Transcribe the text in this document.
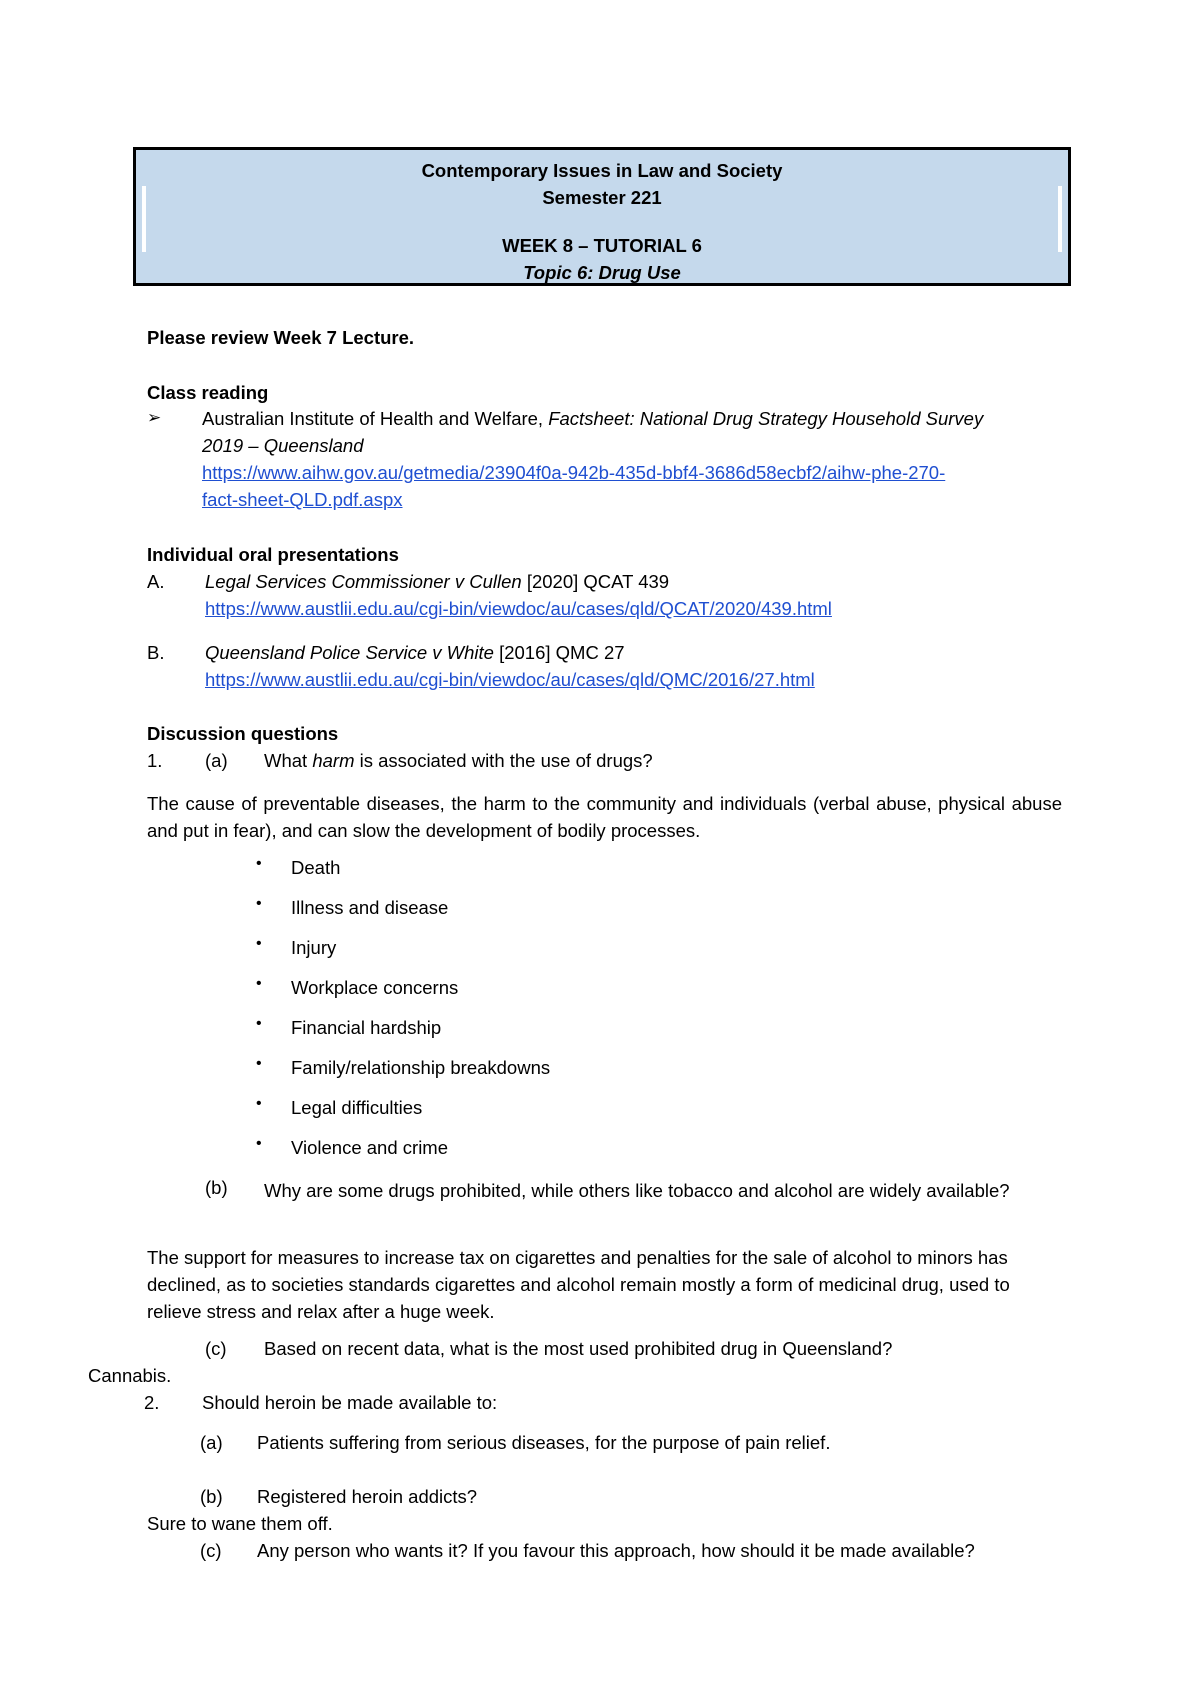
Contemporary Issues in Law and Society
Semester 221
WEEK 8 – TUTORIAL 6
Topic 6: Drug Use
Please review Week 7 Lecture.
Class reading
➢ Australian Institute of Health and Welfare, Factsheet: National Drug Strategy Household Survey
2019 – Queensland
https://www.aihw.gov.au/getmedia/23904f0a-942b-435d-bbf4-3686d58ecbf2/aihw-phe-270-
fact-sheet-QLD.pdf.aspx
Individual oral presentations
A. Legal Services Commissioner v Cullen [2020] QCAT 439
https://www.austlii.edu.au/cgi-bin/viewdoc/au/cases/qld/QCAT/2020/439.html
B. Queensland Police Service v White [2016] QMC 27
https://www.austlii.edu.au/cgi-bin/viewdoc/au/cases/qld/QMC/2016/27.html
Discussion questions
1. (a) What harm is associated with the use of drugs?
The cause of preventable diseases, the harm to the community and individuals (verbal abuse, physical abuse and put in fear), and can slow the development of bodily processes.
• Death
• Illness and disease
• Injury
• Workplace concerns
• Financial hardship
• Family/relationship breakdowns
• Legal difficulties
• Violence and crime
(b) Why are some drugs prohibited, while others like tobacco and alcohol are widely available?
The support for measures to increase tax on cigarettes and penalties for the sale of alcohol to minors has declined, as to societies standards cigarettes and alcohol remain mostly a form of medicinal drug, used to relieve stress and relax after a huge week.
(c) Based on recent data, what is the most used prohibited drug in Queensland?
Cannabis.
2. Should heroin be made available to:
(a) Patients suffering from serious diseases, for the purpose of pain relief.
(b) Registered heroin addicts?
Sure to wane them off.
(c) Any person who wants it? If you favour this approach, how should it be made available?
